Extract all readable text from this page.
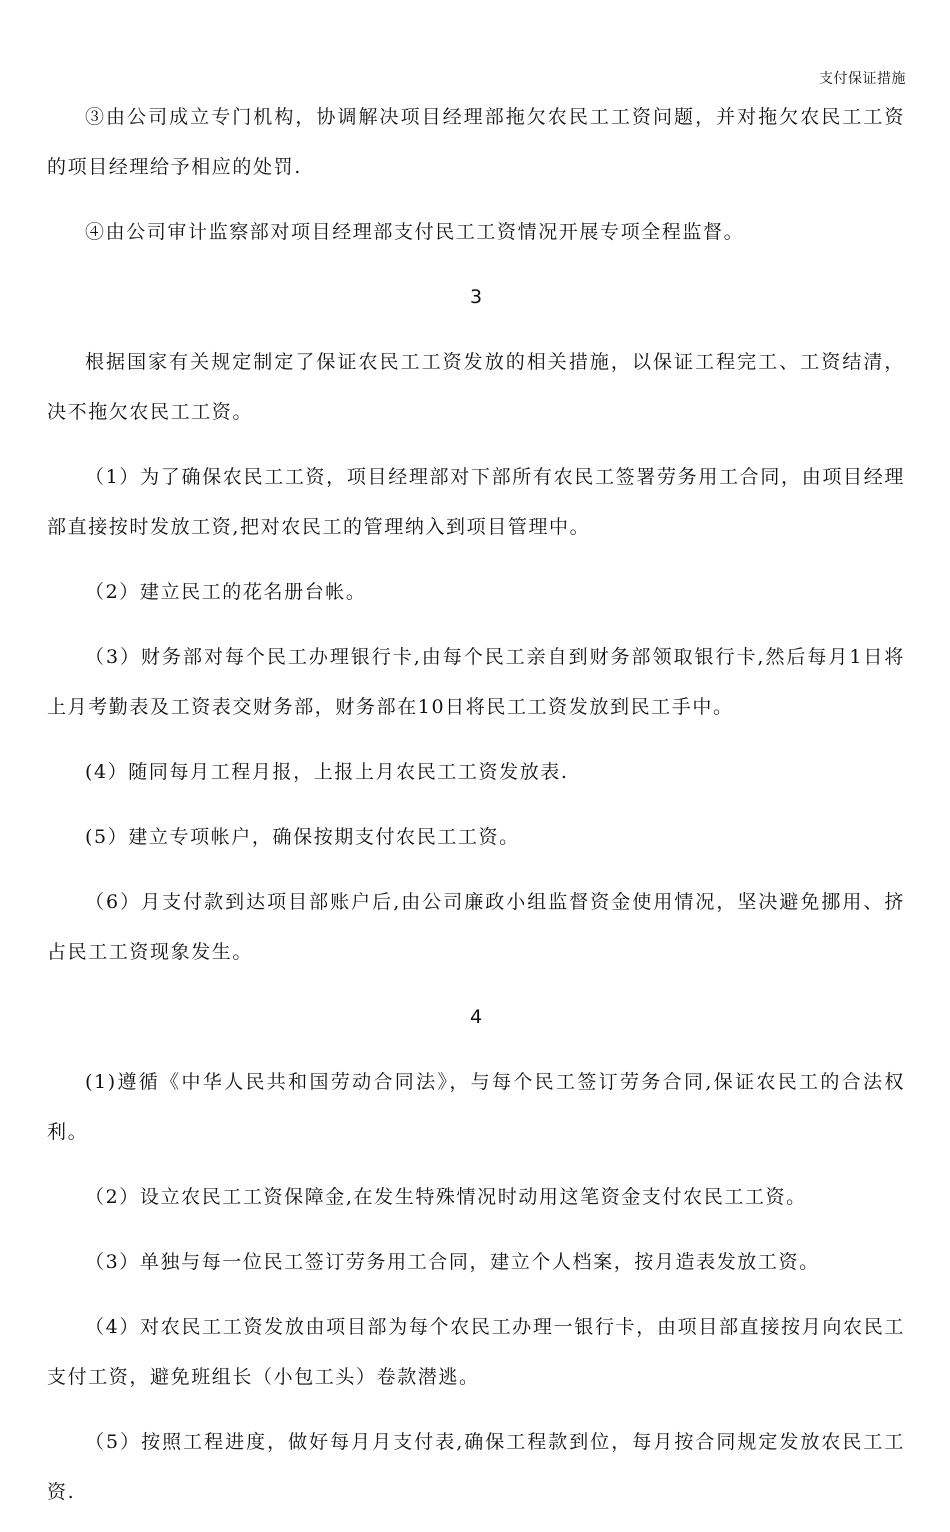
支付保证措施

③由公司成立专门机构，协调解决项目经理部拖欠农民工工资问题，并对拖欠农民工工资的项目经理给予相应的处罚.

④由公司审计监察部对项目经理部支付民工工资情况开展专项全程监督。

3

根据国家有关规定制定了保证农民工工资发放的相关措施，以保证工程完工、工资结清，决不拖欠农民工工资。

（1）为了确保农民工工资，项目经理部对下部所有农民工签署劳务用工合同，由项目经理部直接按时发放工资,把对农民工的管理纳入到项目管理中。

（2）建立民工的花名册台帐。

（3）财务部对每个民工办理银行卡,由每个民工亲自到财务部领取银行卡,然后每月1日将上月考勤表及工资表交财务部，财务部在10日将民工工资发放到民工手中。

(4）随同每月工程月报，上报上月农民工工资发放表.

(5）建立专项帐户，确保按期支付农民工工资。

（6）月支付款到达项目部账户后,由公司廉政小组监督资金使用情况，坚决避免挪用、挤占民工工资现象发生。

4

(1)遵循《中华人民共和国劳动合同法》，与每个民工签订劳务合同,保证农民工的合法权利。

（2）设立农民工工资保障金,在发生特殊情况时动用这笔资金支付农民工工资。

（3）单独与每一位民工签订劳务用工合同，建立个人档案，按月造表发放工资。

（4）对农民工工资发放由项目部为每个农民工办理一银行卡，由项目部直接按月向农民工支付工资，避免班组长（小包工头）卷款潜逃。

（5）按照工程进度，做好每月月支付表,确保工程款到位，每月按合同规定发放农民工工资.
